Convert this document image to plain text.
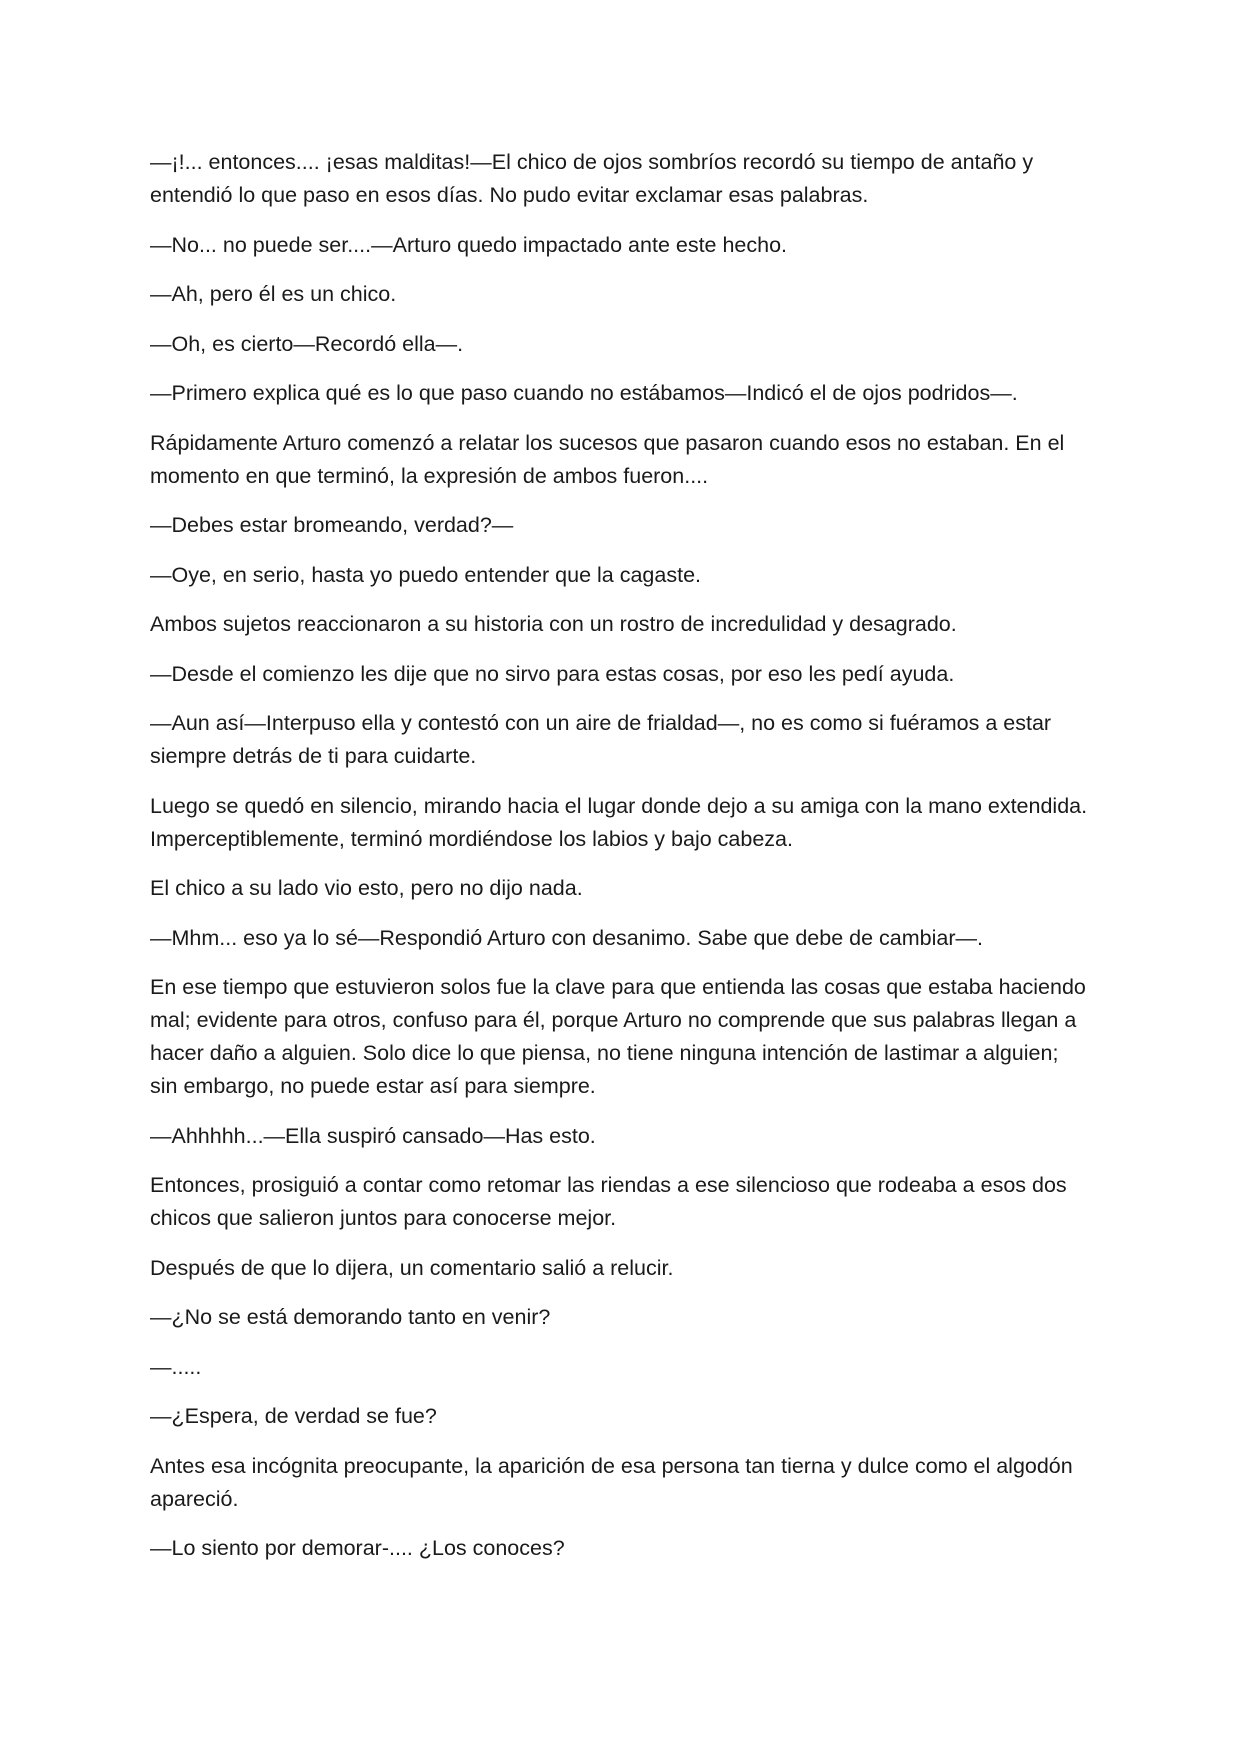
—¡!... entonces.... ¡esas malditas!—El chico de ojos sombríos recordó su tiempo de antaño y entendió lo que paso en esos días. No pudo evitar exclamar esas palabras.

—No... no puede ser....—Arturo quedo impactado ante este hecho.

—Ah, pero él es un chico.

—Oh, es cierto—Recordó ella—.

—Primero explica qué es lo que paso cuando no estábamos—Indicó el de ojos podridos—.

Rápidamente Arturo comenzó a relatar los sucesos que pasaron cuando esos no estaban. En el momento en que terminó, la expresión de ambos fueron....

—Debes estar bromeando, verdad?—

—Oye, en serio, hasta yo puedo entender que la cagaste.

Ambos sujetos reaccionaron a su historia con un rostro de incredulidad y desagrado.

—Desde el comienzo les dije que no sirvo para estas cosas, por eso les pedí ayuda.

—Aun así—Interpuso ella y contestó con un aire de frialdad—, no es como si fuéramos a estar siempre detrás de ti para cuidarte.

Luego se quedó en silencio, mirando hacia el lugar donde dejo a su amiga con la mano extendida. Imperceptiblemente, terminó mordiéndose los labios y bajo cabeza.

El chico a su lado vio esto, pero no dijo nada.

—Mhm... eso ya lo sé—Respondió Arturo con desanimo. Sabe que debe de cambiar—.

En ese tiempo que estuvieron solos fue la clave para que entienda las cosas que estaba haciendo mal; evidente para otros, confuso para él, porque Arturo no comprende que sus palabras llegan a hacer daño a alguien. Solo dice lo que piensa, no tiene ninguna intención de lastimar a alguien; sin embargo, no puede estar así para siempre.

—Ahhhhh...—Ella suspiró cansado—Has esto.

Entonces, prosiguió a contar como retomar las riendas a ese silencioso que rodeaba a esos dos chicos que salieron juntos para conocerse mejor.

Después de que lo dijera, un comentario salió a relucir.

—¿No se está demorando tanto en venir?

—.....

—¿Espera, de verdad se fue?

Antes esa incógnita preocupante, la aparición de esa persona tan tierna y dulce como el algodón apareció.

—Lo siento por demorar-.... ¿Los conoces?
